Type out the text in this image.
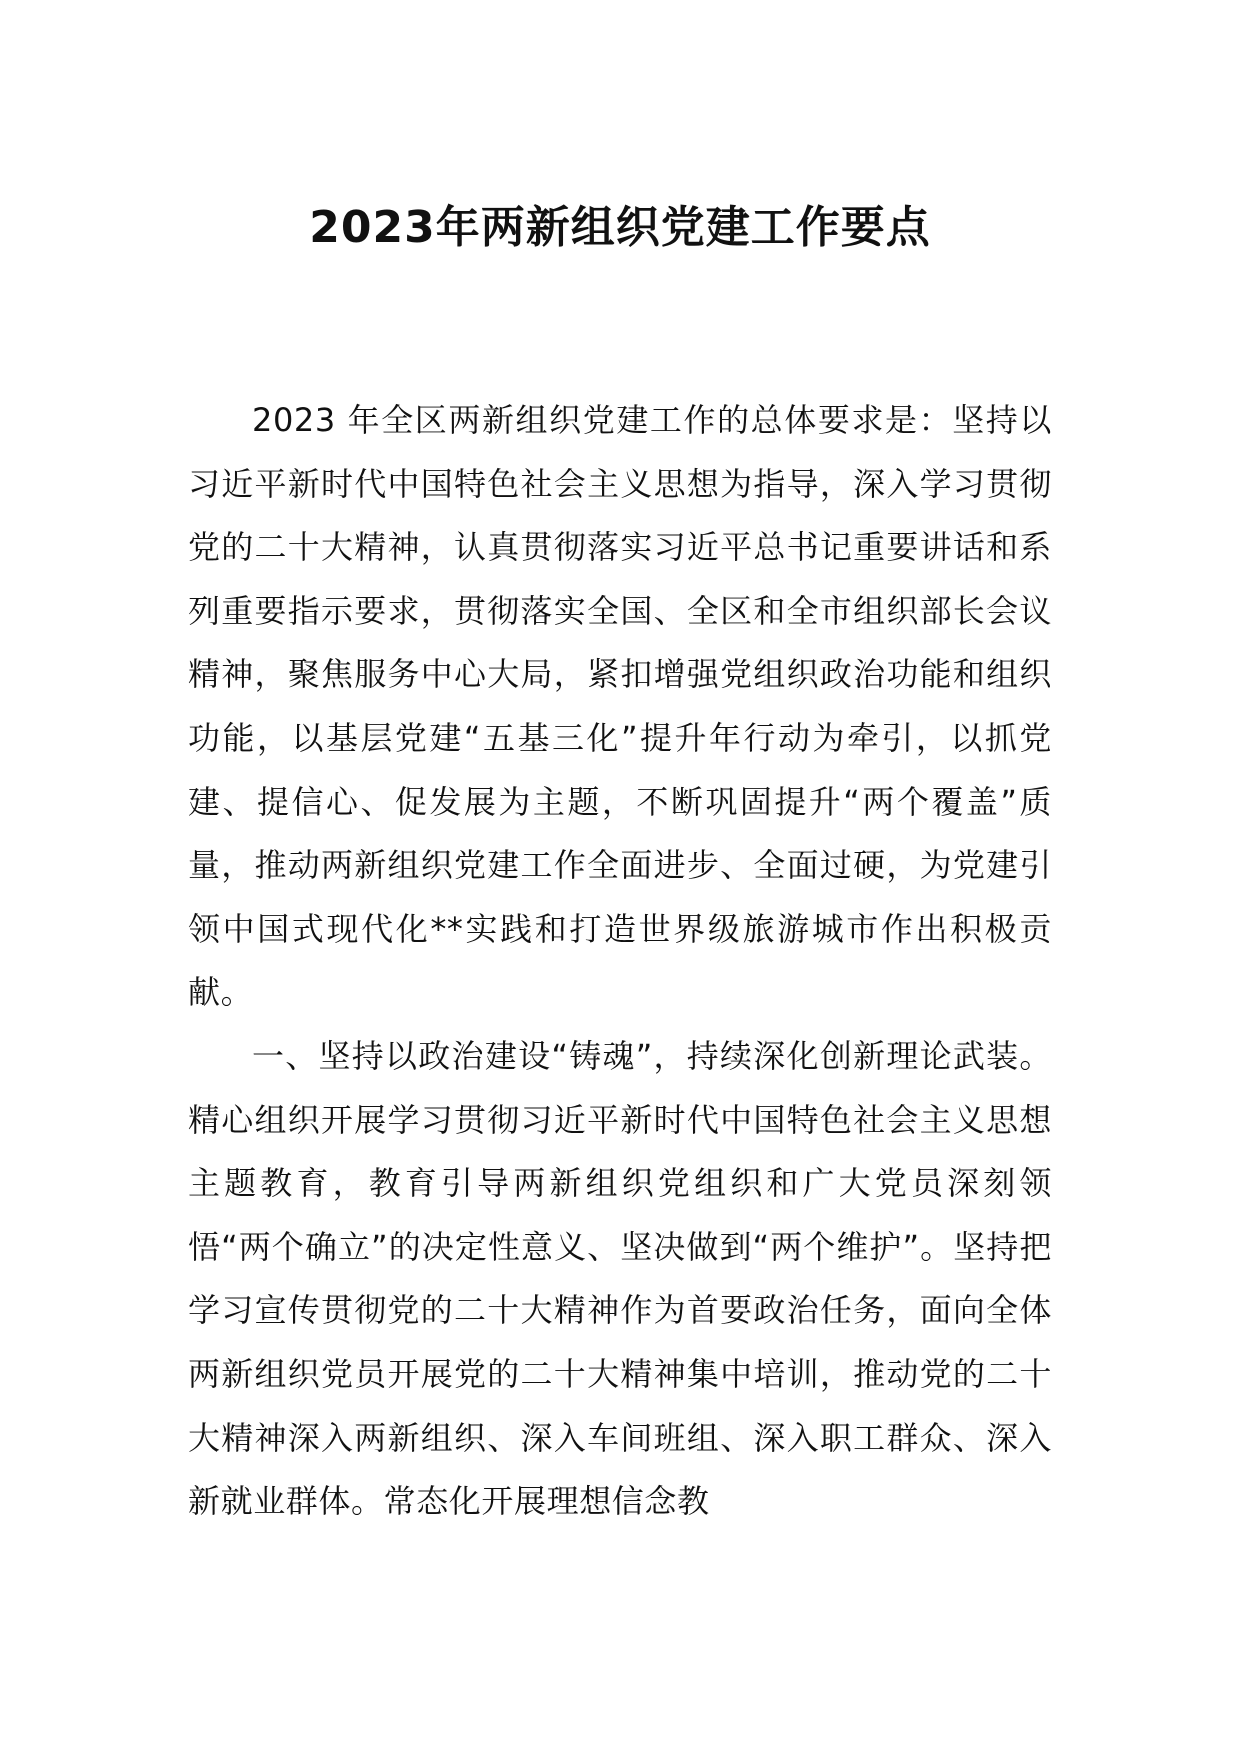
2023年两新组织党建工作要点

2023 年全区两新组织党建工作的总体要求是：坚持以习近平新时代中国特色社会主义思想为指导，深入学习贯彻党的二十大精神，认真贯彻落实习近平总书记重要讲话和系列重要指示要求，贯彻落实全国、全区和全市组织部长会议精神，聚焦服务中心大局，紧扣增强党组织政治功能和组织功能，以基层党建“五基三化”提升年行动为牵引，以抓党建、提信心、促发展为主题，不断巩固提升“两个覆盖”质量，推动两新组织党建工作全面进步、全面过硬，为党建引领中国式现代化**实践和打造世界级旅游城市作出积极贡献。

一、坚持以政治建设“铸魂”，持续深化创新理论武装。精心组织开展学习贯彻习近平新时代中国特色社会主义思想主题教育，教育引导两新组织党组织和广大党员深刻领悟“两个确立”的决定性意义、坚决做到“两个维护”。坚持把学习宣传贯彻党的二十大精神作为首要政治任务，面向全体两新组织党员开展党的二十大精神集中培训，推动党的二十大精神深入两新组织、深入车间班组、深入职工群众、深入新就业群体。常态化开展理想信念教
